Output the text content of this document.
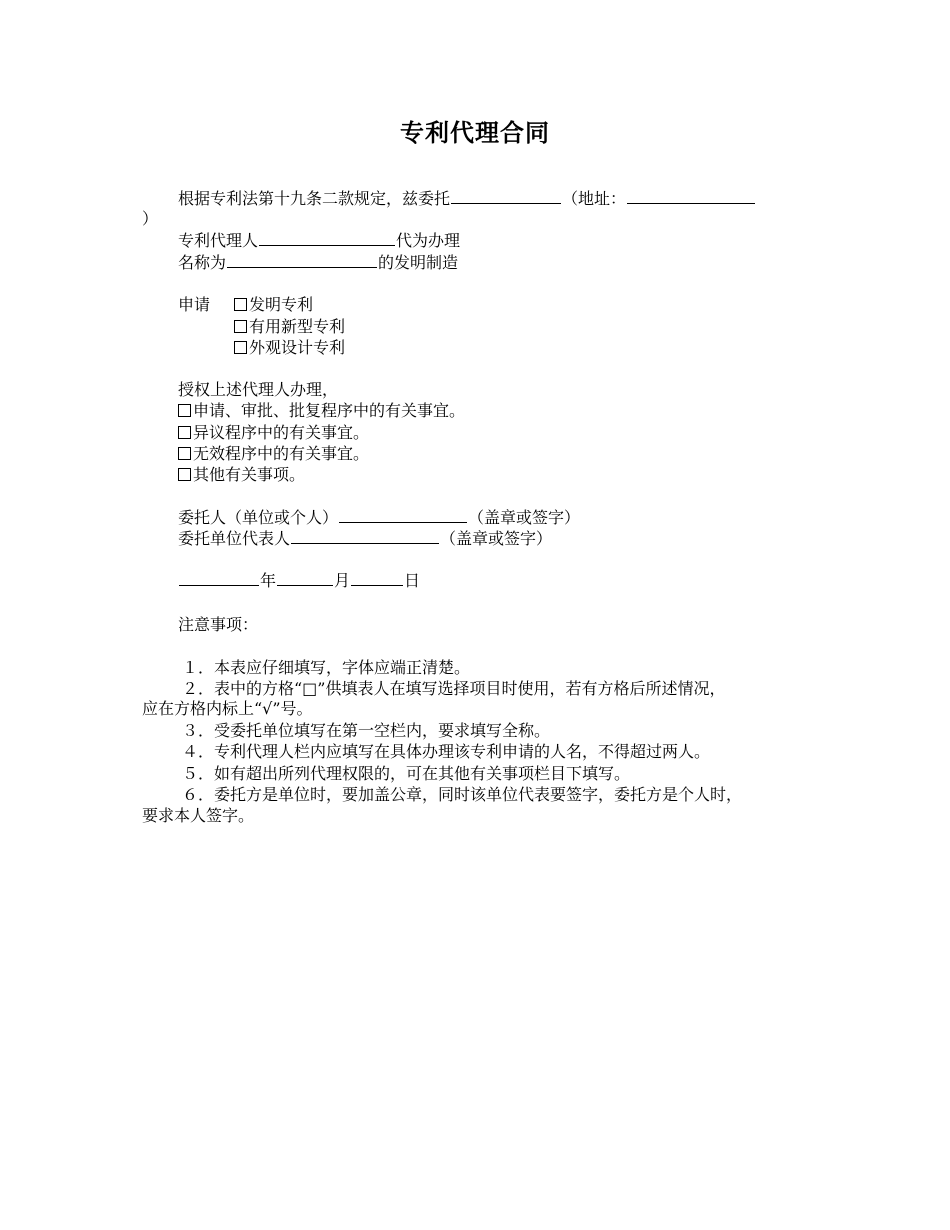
专利代理合同
根据专利法第十九条二款规定，兹委托	（地址：
）
专利代理人	代为办理
名称为	的发明制造
申请	发明专利
有用新型专利
外观设计专利
授权上述代理人办理，
申请、审批、批复程序中的有关事宜。
异议程序中的有关事宜。
无效程序中的有关事宜。
其他有关事项。
委托人（单位或个人）	（盖章或签字）
委托单位代表人	（盖章或签字）
年	月	日
注意事项：
１．本表应仔细填写，字体应端正清楚。
２．表中的方格“□”供填表人在填写选择项目时使用，若有方格后所述情况，
应在方格内标上“√”号。
３．受委托单位填写在第一空栏内，要求填写全称。
４．专利代理人栏内应填写在具体办理该专利申请的人名，不得超过两人。
５．如有超出所列代理权限的，可在其他有关事项栏目下填写。
６．委托方是单位时，要加盖公章，同时该单位代表要签字，委托方是个人时，
要求本人签字。
